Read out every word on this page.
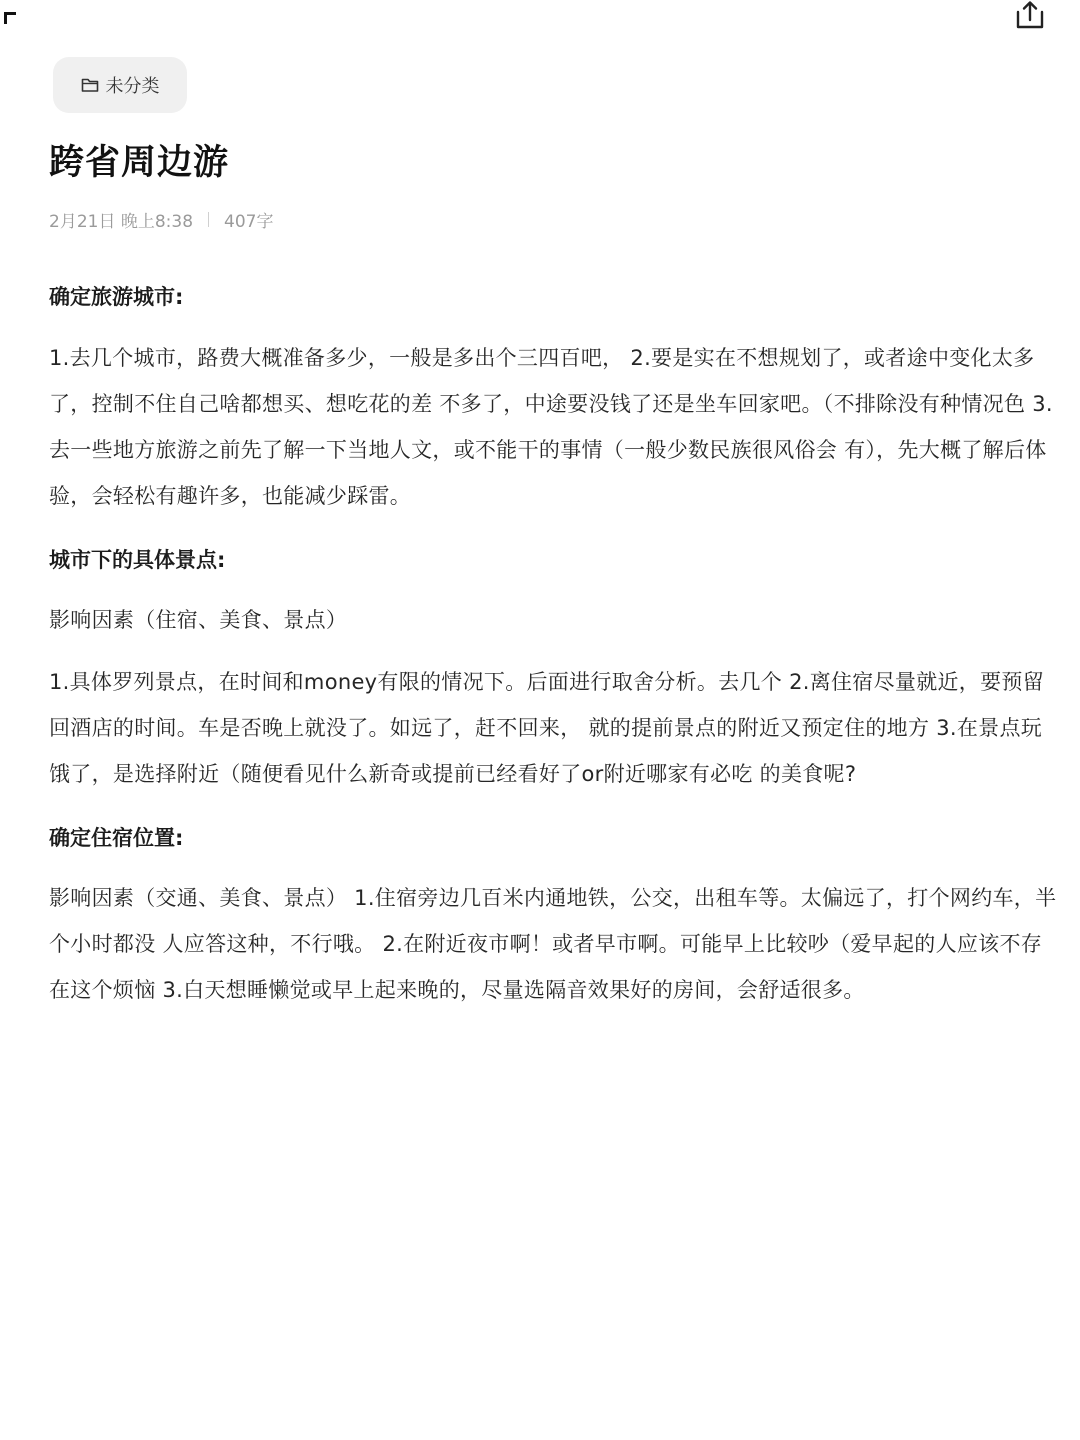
未分类
跨省周边游
2月21日 晚上8:38 407字

确定旅游城市:

1.去几个城市，路费大概准备多少，一般是多出个三四百吧， 2.要是实在不想规划了，或者途中变化太多了，控制不住自己啥都想买、想吃花的差 不多了，中途要没钱了还是坐车回家吧。（不排除没有种情况色 3.去一些地方旅游之前先了解一下当地人文，或不能干的事情（一般少数民族很风俗会 有），先大概了解后体验，会轻松有趣许多，也能减少踩雷。

城市下的具体景点:

影响因素（住宿、美食、景点）

1.具体罗列景点，在时间和money有限的情况下。后面进行取舍分析。去几个 2.离住宿尽量就近，要预留回酒店的时间。车是否晚上就没了。如远了，赶不回来， 就的提前景点的附近又预定住的地方 3.在景点玩饿了，是选择附近（随便看见什么新奇或提前已经看好了or附近哪家有必吃 的美食呢?

确定住宿位置:

影响因素（交通、美食、景点） 1.住宿旁边几百米内通地铁，公交，出租车等。太偏远了，打个网约车，半个小时都没 人应答这种，不行哦。 2.在附近夜市啊！或者早市啊。可能早上比较吵（爱早起的人应该不存在这个烦恼 3.白天想睡懒觉或早上起来晚的，尽量选隔音效果好的房间，会舒适很多。
